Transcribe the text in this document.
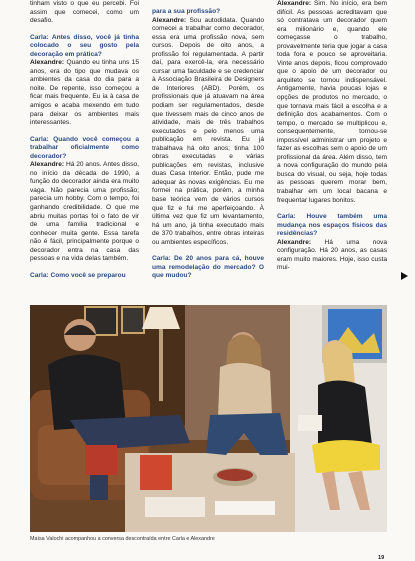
tinham visto o que eu percebi. Foi assim que comecei, como um desafio.

Carla: Antes disso, você já tinha colocado o seu gosto pela decoração em prática?

Alexandre: Quando eu tinha uns 15 anos, era do tipo que mudava os ambientes da casa do dia para a noite. De repente, isso começou a ficar mais frequente. Eu ia à casa de amigos e acaba mexendo em tudo para deixar os ambientes mais interessantes.

Carla: Quando você começou a trabalhar oficialmente como decorador?

Alexandre: Há 20 anos. Antes disso, no início da década de 1990, a função do decorador ainda era muito vaga. Não parecia uma profissão; parecia um hobby. Com o tempo, foi ganhando credibilidade. O que me abriu muitas portas foi o fato de vir de uma família tradicional e conhecer muita gente. Essa tarefa não é fácil, principalmente porque o decorador entra na casa das pessoas e na vida delas também.

Carla: Como você se preparou

para a sua profissão?

Alexandre: Sou autodidata. Quando comecei a trabalhar como decorador, essa era uma profissão nova, sem cursos. Depois de oito anos, a profissão foi regulamentada. A partir daí, para exercê-la, era necessário cursar uma faculdade e se credenciar à Associação Brasileira de Designers de Interiores (ABD). Porém, os profissionais que já atuavam na área podiam ser regulamentados, desde que tivessem mais de cinco anos de atividade, mais de três trabalhos executados e pelo menos uma publicação em revista. Eu já trabalhava há oito anos; tinha 100 obras executadas e várias publicações em revistas, inclusive duas Casa Interior. Então, pude me adequar às novas exigências. Eu me formei na prática, porém, a minha base teórica vem de vários cursos que fiz e fui me aperfeiçoando. À última vez que fiz um levantamento, há um ano, já tinha executado mais de 370 trabalhos, entre obras inteiras ou ambientes específicos.

Carla: De 20 anos para cá, houve uma remodelação do mercado? O que mudou?

Alexandre: Sim. No início, era bem difícil. As pessoas acreditavam que só contratava um decorador quem era milionário e, quando ele começasse o trabalho, provavelmente teria que jogar a casa toda fora e pouco se aproveitaria. Vinte anos depois, ficou comprovado que o apoio de um decorador ou arquiteto se tornou indispensável. Antigamente, havia poucas lojas e opções de produtos no mercado, o que tornava mais fácil a escolha e a definição dos acabamentos. Com o tempo, o mercado se multiplicou e, consequentemente, tornou-se impossível administrar um projeto e fazer as escolhas sem o apoio de um profissional da área. Além disso, tem a nova configuração do mundo pela busca do visual, ou seja, hoje todas as pessoas querem morar bem, trabalhar em um local bacana e frequentar lugares bonitos.

Carla: Houve também uma mudança nos espaços físicos das residências?

Alexandre: Há uma nova configuração. Há 20 anos, as casas eram muito maiores. Hoje, isso custa mui-

Maísa Valochi acompanhou a conversa descontraída entre Carla e Alexandre
19
